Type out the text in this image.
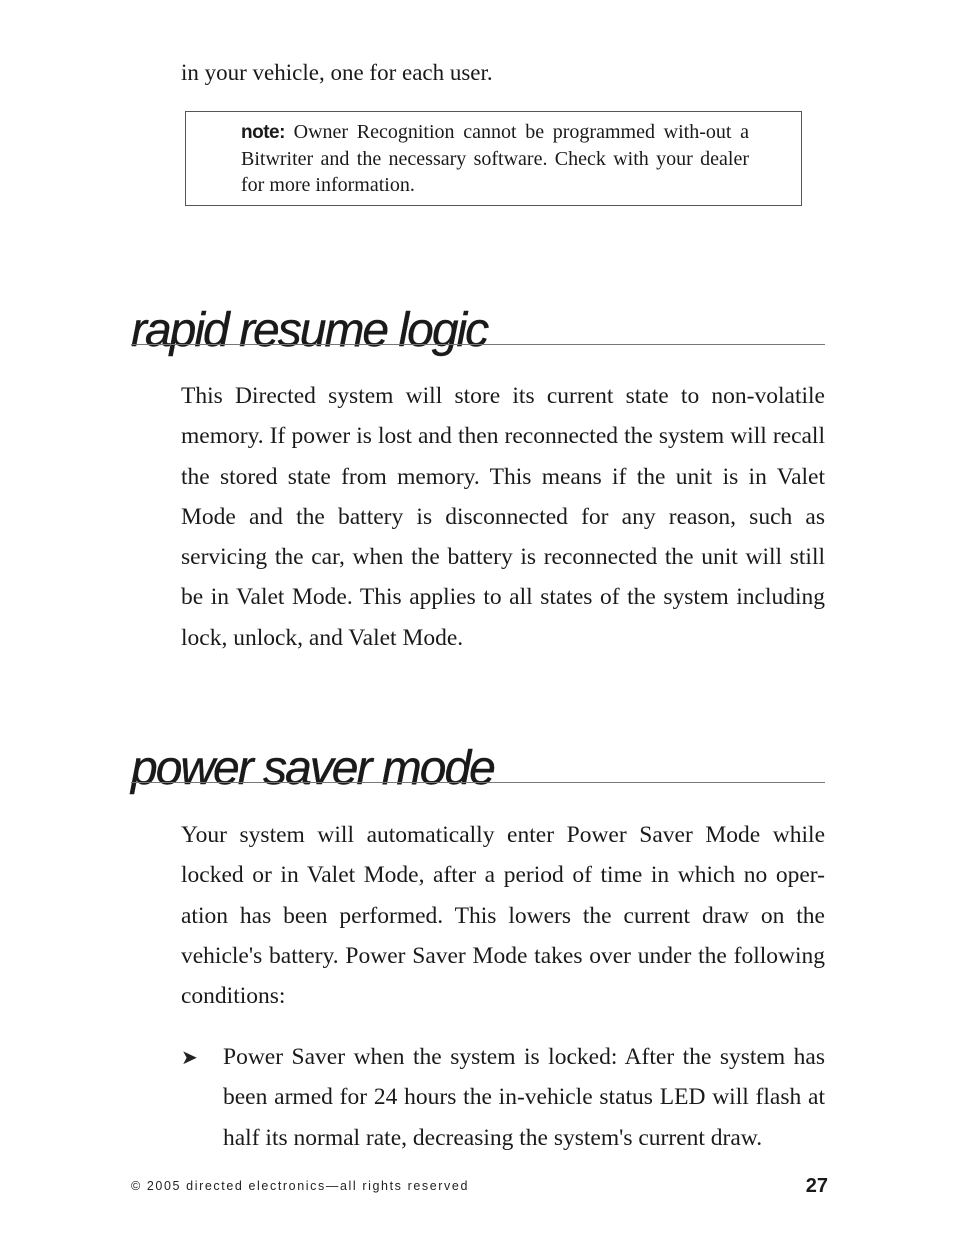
in your vehicle, one for each user.
note: Owner Recognition cannot be programmed with-out a Bitwriter and the necessary software. Check with your dealer for more information.
rapid resume logic
This Directed system will store its current state to non-volatile memory. If power is lost and then reconnected the system will recall the stored state from memory. This means if the unit is in Valet Mode and the battery is disconnected for any reason, such as servicing the car, when the battery is reconnected the unit will still be in Valet Mode. This applies to all states of the system including lock, unlock, and Valet Mode.
power saver mode
Your system will automatically enter Power Saver Mode while locked or in Valet Mode, after a period of time in which no oper-ation has been performed. This lowers the current draw on the vehicle's battery. Power Saver Mode takes over under the following conditions:
➤ Power Saver when the system is locked: After the system has been armed for 24 hours the in-vehicle status LED will flash at half its normal rate, decreasing the system's current draw.
© 2005 directed electronics—all rights reserved	27
